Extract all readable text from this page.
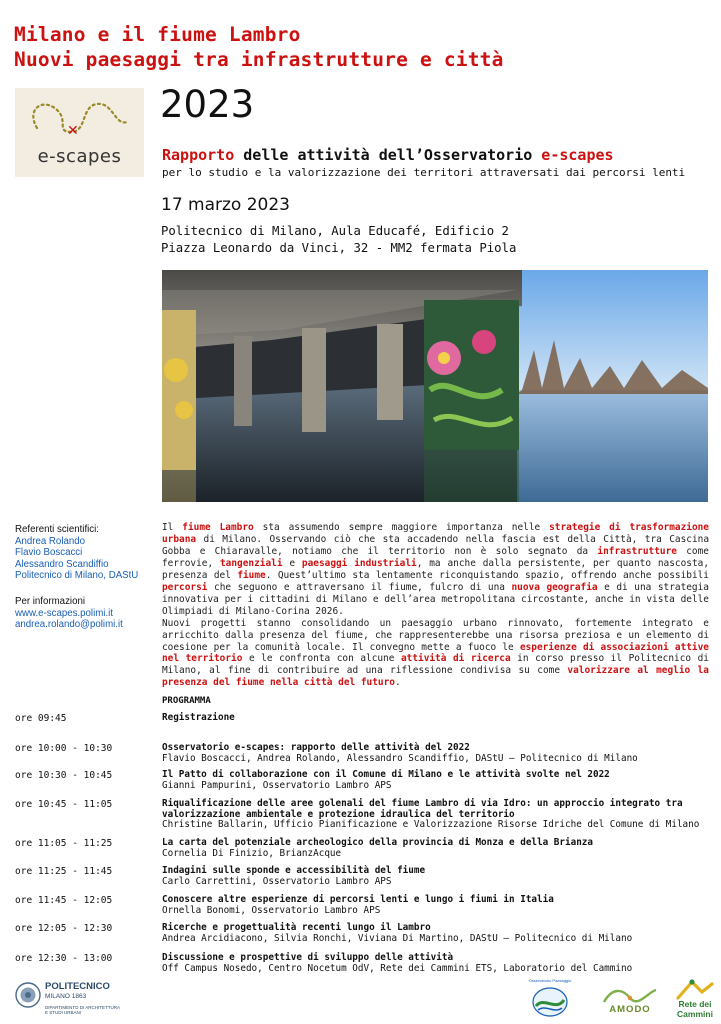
Milano e il fiume Lambro
Nuovi paesaggi tra infrastrutture e città
✕
e-scapes
2023
Rapporto delle attività dell’Osservatorio e-scapes
per lo studio e la valorizzazione dei territori attraversati dai percorsi lenti
17 marzo 2023
Politecnico di Milano, Aula Educafé, Edificio 2
Piazza Leonardo da Vinci, 32 - MM2 fermata Piola
Referenti scientifici:
Andrea Rolando
Flavio Boscacci
Alessandro Scandiffio
Politecnico di Milano, DAStU
Per informazioni
www.e-scapes.polimi.it
andrea.rolando@polimi.it
Il fiume Lambro sta assumendo sempre maggiore importanza nelle strategie di trasformazione urbana di Milano. Osservando ciò che sta accadendo nella fascia est della Città, tra Cascina Gobba e Chiaravalle, notiamo che il territorio non è solo segnato da infrastrutture come ferrovie, tangenziali e paesaggi industriali, ma anche dalla persistente, per quanto nascosta, presenza del fiume. Quest’ultimo sta lentamente riconquistando spazio, offrendo anche possibili percorsi che seguono e attraversano il fiume, fulcro di una nuova geografia e di una strategia innovativa per i cittadini di Milano e dell’area metropolitana circostante, anche in vista delle Olimpiadi di Milano-Corina 2026.
Nuovi progetti stanno consolidando un paesaggio urbano rinnovato, fortemente integrato e arricchito dalla presenza del fiume, che rappresenterebbe una risorsa preziosa e un elemento di coesione per la comunità locale. Il convegno mette a fuoco le esperienze di associazioni attive nel territorio e le confronta con alcune attività di ricerca in corso presso il Politecnico di Milano, al fine di contribuire ad una riflessione condivisa su come valorizzare al meglio la presenza del fiume nella città del futuro.
PROGRAMMA
ore 09:45	Registrazione
ore 10:00 - 10:30	Osservatorio e-scapes: rapporto delle attività del 2022
Flavio Boscacci, Andrea Rolando, Alessandro Scandiffio, DAStU – Politecnico di Milano
ore 10:30 - 10:45	Il Patto di collaborazione con il Comune di Milano e le attività svolte nel 2022
Gianni Pampurini, Osservatorio Lambro APS
ore 10:45 - 11:05	Riqualificazione delle aree golenali del fiume Lambro di via Idro: un approccio integrato tra valorizzazione ambientale e protezione idraulica del territorio
Christine Ballarin, Ufficio Pianificazione e Valorizzazione Risorse Idriche del Comune di Milano
ore 11:05 - 11:25	La carta del potenziale archeologico della provincia di Monza e della Brianza
Cornelia Di Finizio, BrianzAcque
ore 11:25 - 11:45	Indagini sulle sponde e accessibilità del fiume
Carlo Carrettini, Osservatorio Lambro APS
ore 11:45 - 12:05	Conoscere altre esperienze di percorsi lenti e lungo i fiumi in Italia
Ornella Bonomi, Osservatorio Lambro APS
ore 12:05 - 12:30	Ricerche e progettualità recenti lungo il Lambro
Andrea Arcidiacono, Silvia Ronchi, Viviana Di Martino, DAStU – Politecnico di Milano
ore 12:30 - 13:00	Discussione e prospettive di sviluppo delle attività
Off Campus Nosedo, Centro Nocetum OdV, Rete dei Cammini ETS, Laboratorio del Cammino
POLITECNICO
MILANO 1863
DIPARTIMENTO DI ARCHITETTURA
E STUDI URBANI
Osservatorio Paesaggio
AMODO	Rete dei
Cammini
